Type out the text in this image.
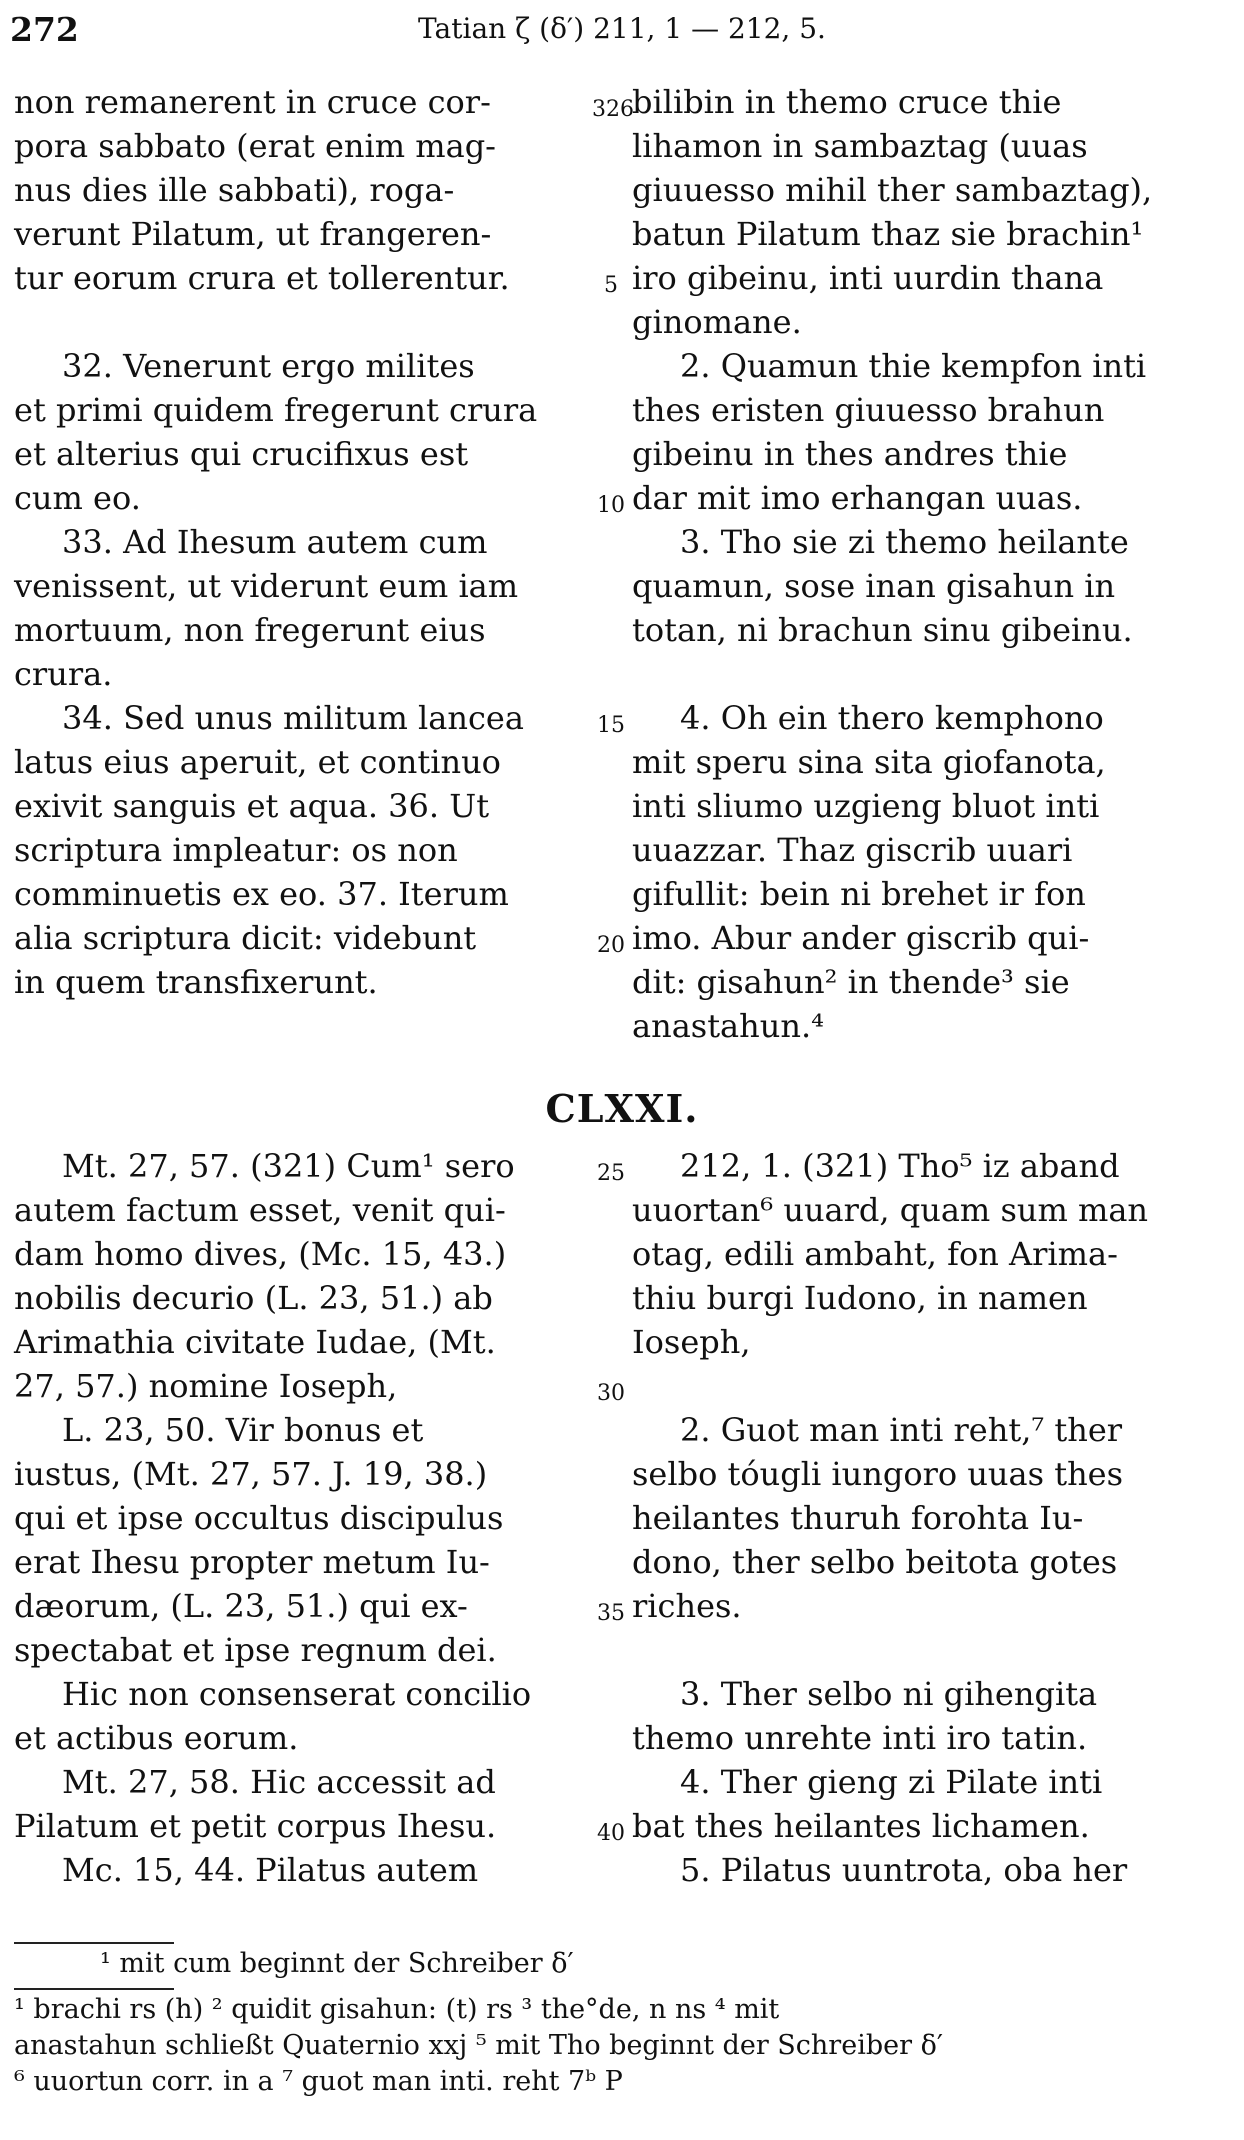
272	Tatian ζ (δ′) 211, 1 — 212, 5.
326
5
10
15
20
25
30
35
40

non remanerent in cruce cor-

pora sabbato (erat enim mag-

nus dies ille sabbati), roga-

verunt Pilatum, ut frangeren-

tur eorum crura et tollerentur.

bilibin in themo cruce thie

lihamon in sambaztag (uuas

giuuesso mihil ther sambaztag),

batun Pilatum thaz sie brachin¹

iro gibeinu, inti uurdin thana

ginomane.

32. Venerunt ergo milites

et primi quidem fregerunt crura

et alterius qui crucifixus est

cum eo.

2. Quamun thie kempfon inti

thes eristen giuuesso brahun

gibeinu in thes andres thie

dar mit imo erhangan uuas.

33. Ad Ihesum autem cum

venissent, ut viderunt eum iam

mortuum, non fregerunt eius

crura.

3. Tho sie zi themo heilante

quamun, sose inan gisahun in

totan, ni brachun sinu gibeinu.

34. Sed unus militum lancea

latus eius aperuit, et continuo

exivit sanguis et aqua. 36. Ut

scriptura impleatur: os non

comminuetis ex eo. 37. Iterum

alia scriptura dicit: videbunt

in quem transfixerunt.

4. Oh ein thero kemphono

mit speru sina sita giofanota,

inti sliumo uzgieng bluot inti

uuazzar. Thaz giscrib uuari

gifullit: bein ni brehet ir fon

imo. Abur ander giscrib qui-

dit: gisahun² in thende³ sie

anastahun.⁴

Mt. 27, 57. (321) Cum¹ sero

autem factum esset, venit qui-

dam homo dives, (Mc. 15, 43.)

nobilis decurio (L. 23, 51.) ab

Arimathia civitate Iudae, (Mt.

27, 57.) nomine Ioseph,

212, 1. (321) Tho⁵ iz aband

uuortan⁶ uuard, quam sum man

otag, edili ambaht, fon Arima-

thiu burgi Iudono, in namen

Ioseph,

L. 23, 50. Vir bonus et

iustus, (Mt. 27, 57. J. 19, 38.)

qui et ipse occultus discipulus

erat Ihesu propter metum Iu-

dæorum, (L. 23, 51.) qui ex-

spectabat et ipse regnum dei.

2. Guot man inti reht,⁷ ther

selbo tóugli iungoro uuas thes

heilantes thuruh forohta Iu-

dono, ther selbo beitota gotes

riches.

Hic non consenserat concilio

et actibus eorum.

3. Ther selbo ni gihengita

themo unrehte inti iro tatin.

Mt. 27, 58. Hic accessit ad

Pilatum et petit corpus Ihesu.

4. Ther gieng zi Pilate inti

bat thes heilantes lichamen.

Mc. 15, 44. Pilatus autem	5. Pilatus uuntrota, oba her

CLXXI.
¹ mit cum beginnt der Schreiber δ′
¹ brachi rs (h) ² quidit gisahun: (t) rs ³ the°de, n ns ⁴ mit
anastahun schließt Quaternio xxj ⁵ mit Tho beginnt der Schreiber δ′
⁶ uuortun corr. in a ⁷ guot man inti. reht 7ᵇ P
